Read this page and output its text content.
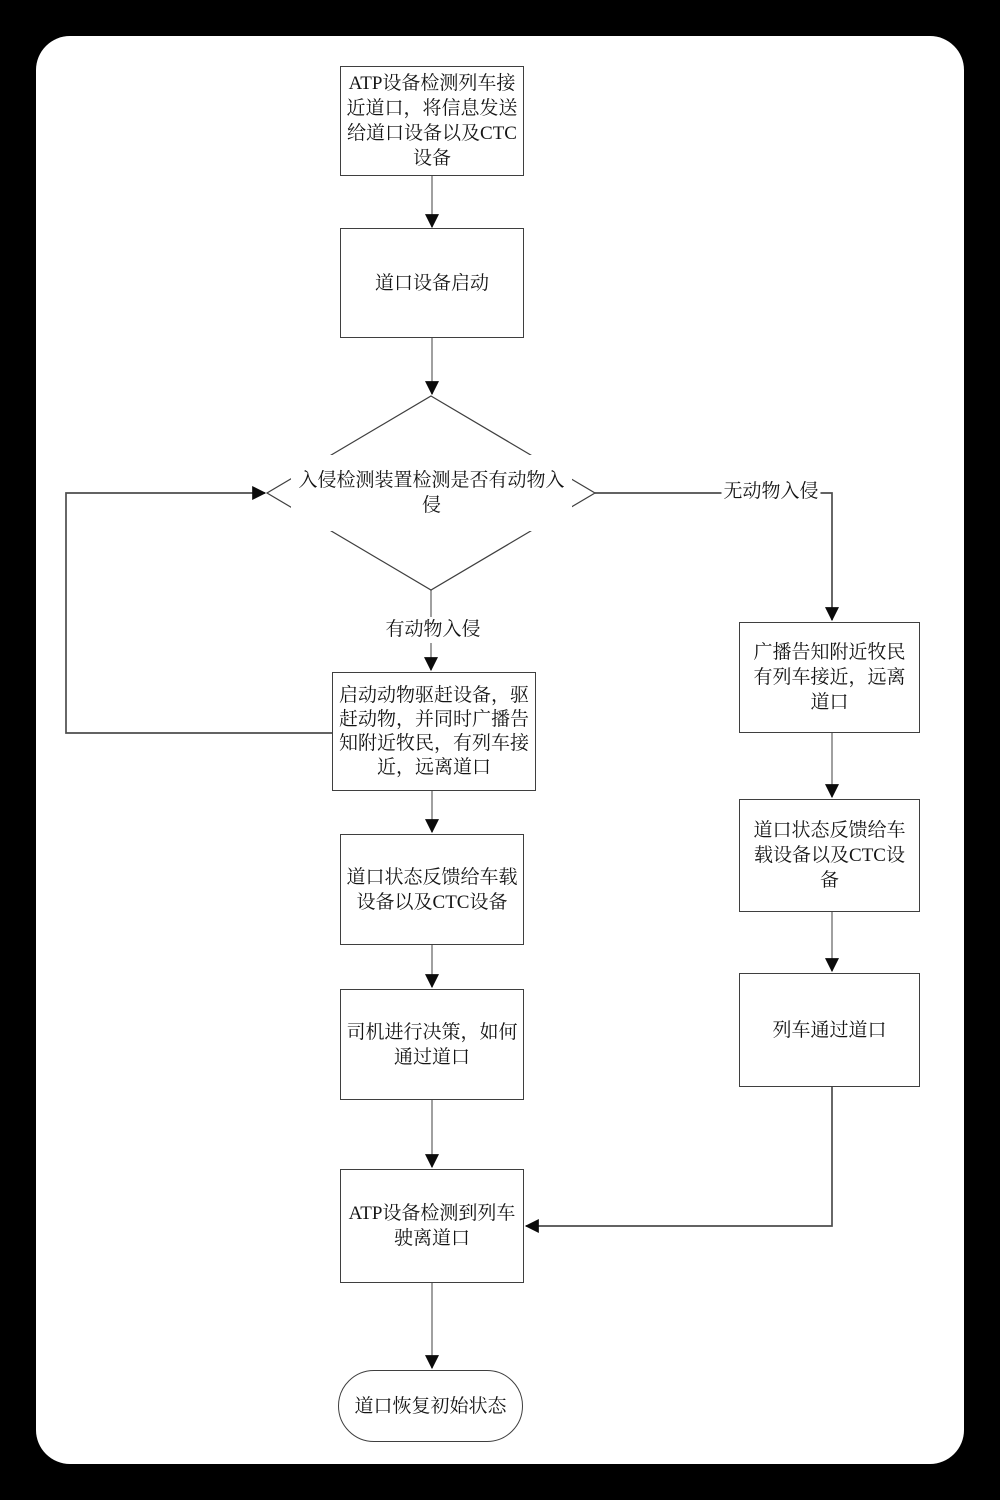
ATP设备检测列车接近道口，将信息发送给道口设备以及CTC设备
道口设备启动
入侵检测装置检测是否有动物入侵
启动动物驱赶设备，驱赶动物，并同时广播告知附近牧民，有列车接近，远离道口
道口状态反馈给车载设备以及CTC设备
司机进行决策，如何通过道口
ATP设备检测到列车驶离道口
道口恢复初始状态
广播告知附近牧民有列车接近，远离道口
道口状态反馈给车载设备以及CTC设备
列车通过道口
有动物入侵
无动物入侵
